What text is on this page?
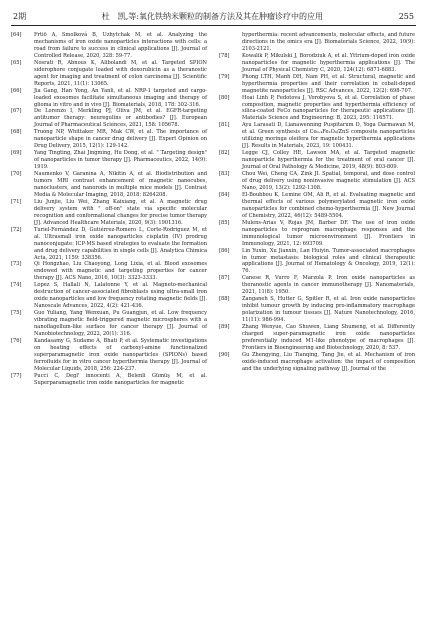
2期	杜　凯,等:氧化铁纳米颗粒的制备方法及其在肿瘤诊疗中的应用	255

[64] Frtiö A, Smolková B, Uzhytchak M, et al. Analyzing the mechanisms of iron oxide nanoparticles interactions with cells: a road from failure to success in clinical applications [J]. Journal of Controlled Release, 2020, 328: 59-77.

[65] Nosrati R, Abnous K, Alibolandi M, et al. Targeted SPION siderophore conjugate loaded with doxorubicin as a theranostic agent for imaging and treatment of colon carcinoma [J]. Scientific Reports, 2021, 11(1): 13065.

[66] Jia Gang, Han Yong, An Yanli, et al. NRP-1 targeted and cargo-loaded exosomes facilitate simultaneous imaging and therapy of glioma in vitro and in vivo [J]. Biomaterials, 2018, 178: 302-316.

[67] De Lorenzo I, Merkling PJ, Oliva JM, et al. EGFR-targeting antitumor therapy: neuregulins or antibodies? [J]. European Journal of Pharmaceutical Sciences, 2021, 158: 105678.

[68] Truong NP, Whittaker MR, Mak CW, et al. The importance of nanoparticle shape in cancer drug delivery [J]. Expert Opinion on Drug Delivery, 2015, 12(1): 129-142.

[69] Yang Tingting, Zhai Jingming, Hu Dong, et al. " Targeting design" of nanoparticles in tumor therapy [J]. Pharmaceutics, 2022, 14(9): 1919.

[70] Naumenko V, Garanina A, Nikitin A, et al. Biodistribution and tumors MRI contrast enhancement of magnetic nanocubes, nanoclusters, and nanorods in multiple mice models [J]. Contrast Media & Molecular Imaging, 2018, 2018: 8264208.

[71] Liu Junjie, Liu Wei, Zhang Kaixiang, et al. A magnetic drug delivery system with " off-on" state via specific molecular recognition and conformational changes for precise tumor therapy [J]. Advanced Healthcare Materials, 2020, 9(3): 1901316.

[72] Turiel-Fernández D, Gutiérrez-Romero L, Corte-Rodriguez M, et al. Ultrasmall iron oxide nanoparticles cisplatin (IV) prodrug nanoconjugate: ICP-MS based strategies to evaluate the formation and drug delivery capabilities in single cells [J]. Analytica Chimica Acta, 2021, 1159: 338356.

[73] Qi Hongzhao, Liu Chaoyong, Long Lixia, et al. Blood exosomes endowed with magnetic and targeting properties for cancer therapy [J]. ACS Nano, 2016, 10(3): 3323-3333.

[74] Lopez S, Hallali N, Lalatonne Y, et al. Magneto-mechanical destruction of cancer-associated fibroblasts using ultra-small iron oxide nanoparticles and low frequency rotating magnetic fields [J]. Nanoscale Advances, 2022, 4(2): 421-436.

[75] Guo Yuliang, Yang Wenxuan, Pu Guangjun, et al. Low frequency vibrating magnetic field-triggered magnetic microspheres with a nanoflagellum-like surface for cancer therapy [J]. Journal of Nanobiotechnology, 2022, 20(1): 316.

[76] Kandasamy G, Sudame A, Bhati P, et al. Systematic investigations on heating effects of carboxyl-amine functionalized superparamagnetic iron oxide nanoparticles (SPIONs) based ferrofluids for in vitro cancer hyperthermia therapy [J]. Journal of Molecular Liquids, 2018, 256: 224-237.

[77] Pucci C, Degl' innocenti A, Belenli Gümüş M, et al. Superparamagnetic iron oxide nanoparticles for magnetic

hyperthermia: recent advancements, molecular effects, and future directions in the omics era [J]. Biomaterials Science, 2022, 10(9): 2103-2121.

[78] Kowalik P, Mikulski J, Borodziuk A, et al. Yttrium-doped iron oxide nanoparticles for magnetic hyperthermia applications [J]. The Journal of Physical Chemistry C, 2020, 124(12): 6871-6883.

[79] Phong LTH, Manh DH, Nam PH, et al. Structural, magnetic and hyperthermia properties and their correlation in cobalt-doped magnetite nanoparticles [J]. RSC Advances, 2022, 12(2): 698-707.

[80] Hoai Linh P, Fedotova J, Vorobyova S, et al. Correlation of phase composition, magnetic properties and hyperthermia efficiency of silica-coated FeCo nanoparticles for therapeutic applications [J]. Materials Science and Engineering: B, 2023, 295: 116571.

[81] Ayu Larasati D, Lianawenning Puspitarum D, Yoga Darmawan M, et al. Green synthesis of Co₀.₄Fe₂O₄/ZnS composite nanoparticles utilizing moringa oleifera for magnetic hyperthermia applications [J]. Results in Materials, 2023, 19: 100431.

[82] Legge CJ, Colley HE, Lawson MA, et al. Targeted magnetic nanoparticle hyperthermia for the treatment of oral cancer [J]. Journal of Oral Pathology & Medicine, 2019, 48(9): 803-809.

[83] Chou Wei, Cheng CA, Zink JI. Spatial, temporal, and dose control of drug delivery using noninvasive magnetic stimulation [J]. ACS Nano, 2019, 13(2): 1292-1308.

[84] El-Boubbou K, Lemine OM, Ali R, et al. Evaluating magnetic and thermal effects of various polymerylated magnetic iron oxide nanoparticles for combined chemo-hyperthermia [J]. New Journal of Chemistry, 2022, 46(12): 5489-5504.

[85] Mulens-Arias V, Rojas JM, Barber DF. The use of iron oxide nanoparticles to reprogram macrophage responses and the immunological tumor microenvironment [J]. Frontiers in Immunology, 2021, 12: 693709.

[86] Lin Yuxin, Xu Jianxin, Lan Huiyin. Tumor-associated macrophages in tumor metastasis: biological roles and clinical therapeutic applications [J]. Journal of Hematology & Oncology, 2019, 12(1): 76.

[87] Canese R, Vurro F, Marzola P. Iron oxide nanoparticles as theranostic agents in cancer immunotherapy [J]. Nanomaterials, 2021, 11(8): 1950.

[88] Zanganeh S, Hutter G, Spitler R, et al. Iron oxide nanoparticles inhibit tumour growth by inducing pro-inflammatory macrophage polarization in tumour tissues [J]. Nature Nanotechnology, 2016, 11(11): 986-994.

[89] Zhang Wenyue, Cao Shuwen, Liang Shumeng, et al. Differently charged super-paramagnetic iron oxide nanoparticles preferentially induced M1-like phenotype of macrophages [J]. Frontiers in Bioengineering and Biotechnology, 2020, 8: 537.

[90] Gu Zhengying, Liu Tianqing, Tang Jie, et al. Mechanism of iron oxide-induced macrophage activation: the impact of composition and the underlying signaling pathway [J]. Journal of the
